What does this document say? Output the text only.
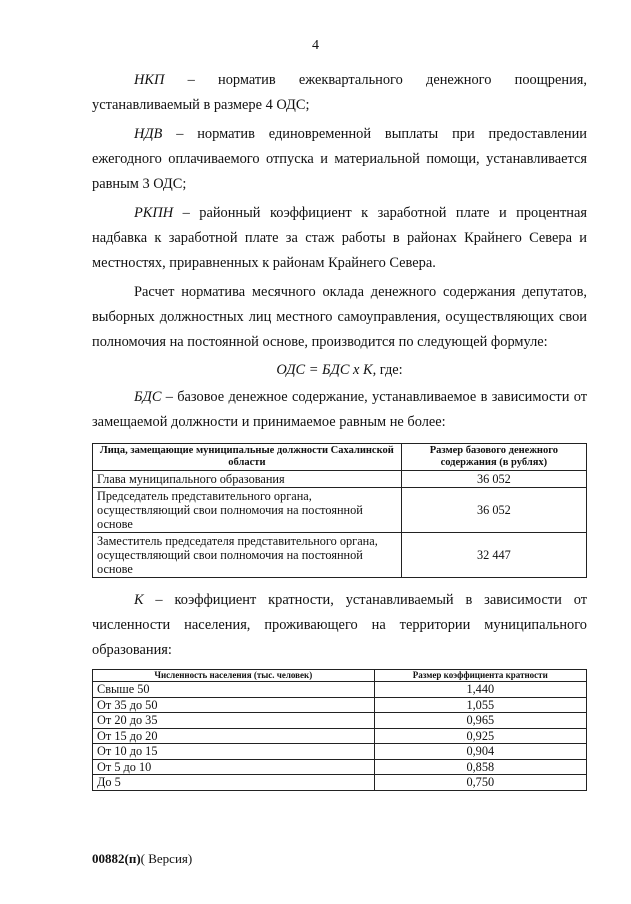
4

НКП – норматив ежеквартального денежного поощрения, устанавливаемый в размере 4 ОДС;

НДВ – норматив единовременной выплаты при предоставлении ежегодного оплачиваемого отпуска и материальной помощи, устанавливается равным 3 ОДС;

РКПН – районный коэффициент к заработной плате и процентная надбавка к заработной плате за стаж работы в районах Крайнего Севера и местностях, приравненных к районам Крайнего Севера.

Расчет норматива месячного оклада денежного содержания депутатов, выборных должностных лиц местного самоуправления, осуществляющих свои полномочия на постоянной основе, производится по следующей формуле:

ОДС = БДС x К, где:

БДС – базовое денежное содержание, устанавливаемое в зависимости от замещаемой должности и принимаемое равным не более:

Лица, замещающие муниципальные должности Сахалинской области	Размер базового денежного содержания (в рублях)
Глава муниципального образования	36 052
Председатель представительного органа, осуществляющий свои полномочия на постоянной основе	36 052
Заместитель председателя представительного органа, осуществляющий свои полномочия на постоянной основе	32 447

К – коэффициент кратности, устанавливаемый в зависимости от численности населения, проживающего на территории муниципального образования:

Численность населения (тыс. человек)	Размер коэффициента кратности
Свыше 50	1,440
От 35 до 50	1,055
От 20 до 35	0,965
От 15 до 20	0,925
От 10 до 15	0,904
От 5 до 10	0,858
До 5	0,750
00882(п)( Версия)
